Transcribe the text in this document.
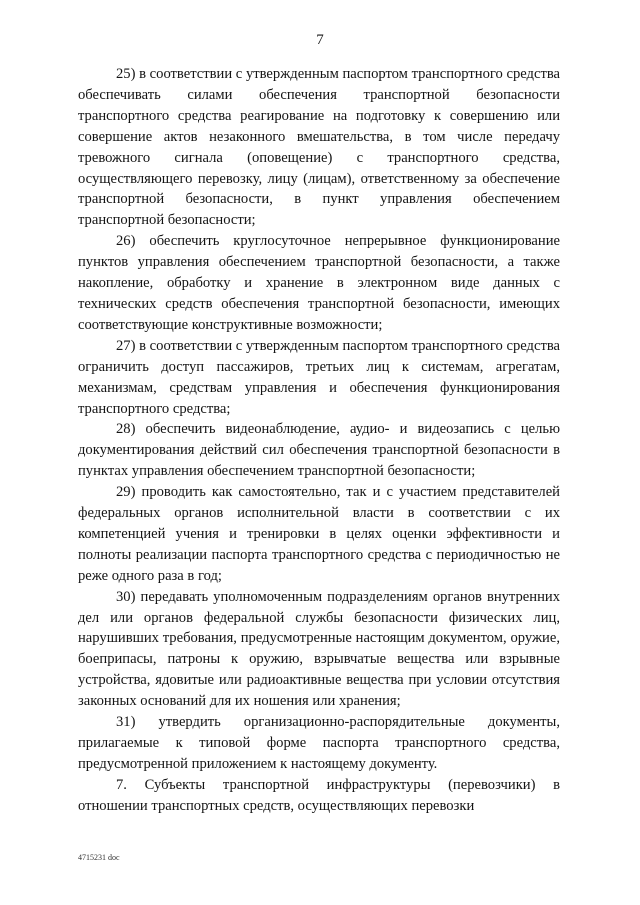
7

25) в соответствии с утвержденным паспортом транспортного средства обеспечивать силами обеспечения транспортной безопасности транспортного средства реагирование на подготовку к совершению или совершение актов незаконного вмешательства, в том числе передачу тревожного сигнала (оповещение) с транспортного средства, осуществляющего перевозку, лицу (лицам), ответственному за обеспечение транспортной безопасности, в пункт управления обеспечением транспортной безопасности;

26) обеспечить круглосуточное непрерывное функционирование пунктов управления обеспечением транспортной безопасности, а также накопление, обработку и хранение в электронном виде данных с технических средств обеспечения транспортной безопасности, имеющих соответствующие конструктивные возможности;

27) в соответствии с утвержденным паспортом транспортного средства ограничить доступ пассажиров, третьих лиц к системам, агрегатам, механизмам, средствам управления и обеспечения функционирования транспортного средства;

28) обеспечить видеонаблюдение, аудио- и видеозапись с целью документирования действий сил обеспечения транспортной безопасности в пунктах управления обеспечением транспортной безопасности;

29) проводить как самостоятельно, так и с участием представителей федеральных органов исполнительной власти в соответствии с их компетенцией учения и тренировки в целях оценки эффективности и полноты реализации паспорта транспортного средства с периодичностью не реже одного раза в год;

30) передавать уполномоченным подразделениям органов внутренних дел или органов федеральной службы безопасности физических лиц, нарушивших требования, предусмотренные настоящим документом, оружие, боеприпасы, патроны к оружию, взрывчатые вещества или взрывные устройства, ядовитые или радиоактивные вещества при условии отсутствия законных оснований для их ношения или хранения;

31) утвердить организационно-распорядительные документы, прилагаемые к типовой форме паспорта транспортного средства, предусмотренной приложением к настоящему документу.

7. Субъекты транспортной инфраструктуры (перевозчики) в отношении транспортных средств, осуществляющих перевозки

4715231 doc
